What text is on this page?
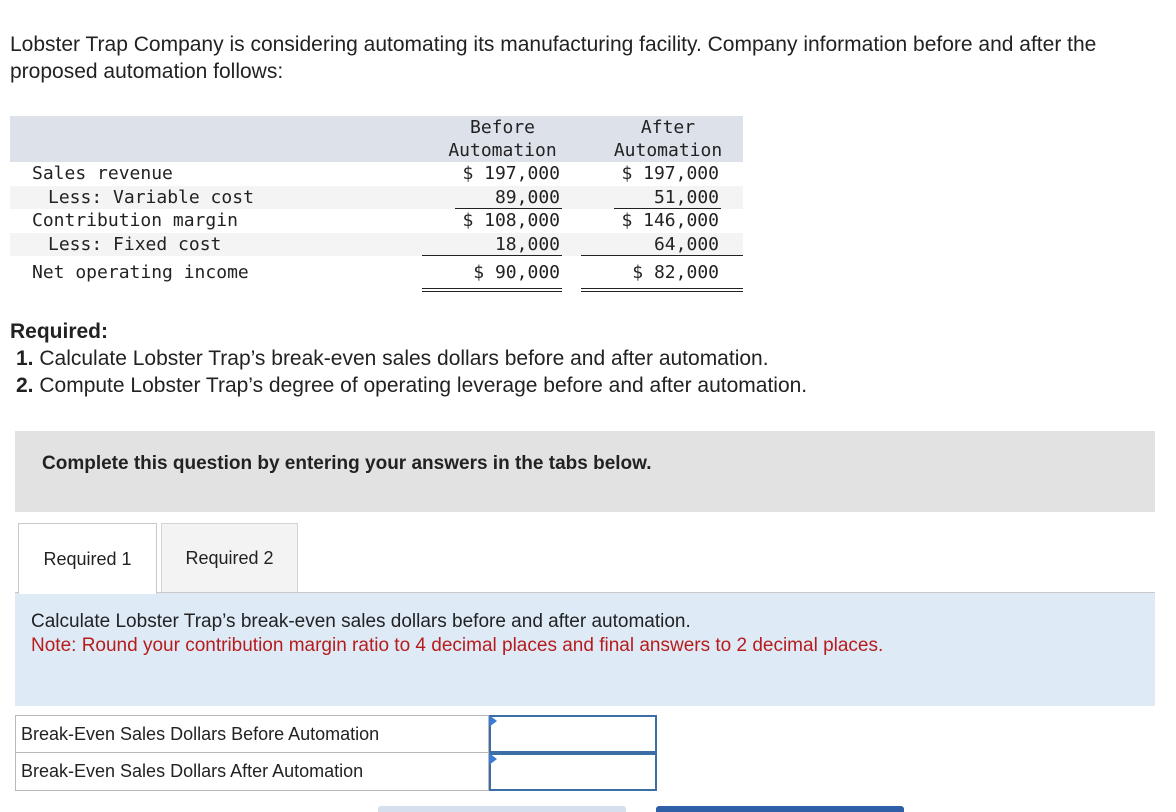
Lobster Trap Company is considering automating its manufacturing facility. Company information before and after the proposed automation follows:
Before
Automation
After
Automation
Sales revenue	$ 197,000	$ 197,000
Less: Variable cost	89,000	51,000
Contribution margin	$ 108,000	$ 146,000
Less: Fixed cost	18,000	64,000
Net operating income	$ 90,000	$ 82,000
Required:
1. Calculate Lobster Trap’s break-even sales dollars before and after automation.
2. Compute Lobster Trap’s degree of operating leverage before and after automation.
Complete this question by entering your answers in the tabs below.
Required 1	Required 2
Calculate Lobster Trap’s break-even sales dollars before and after automation.
Note: Round your contribution margin ratio to 4 decimal places and final answers to 2 decimal places.
Break-Even Sales Dollars Before Automation
Break-Even Sales Dollars After Automation
